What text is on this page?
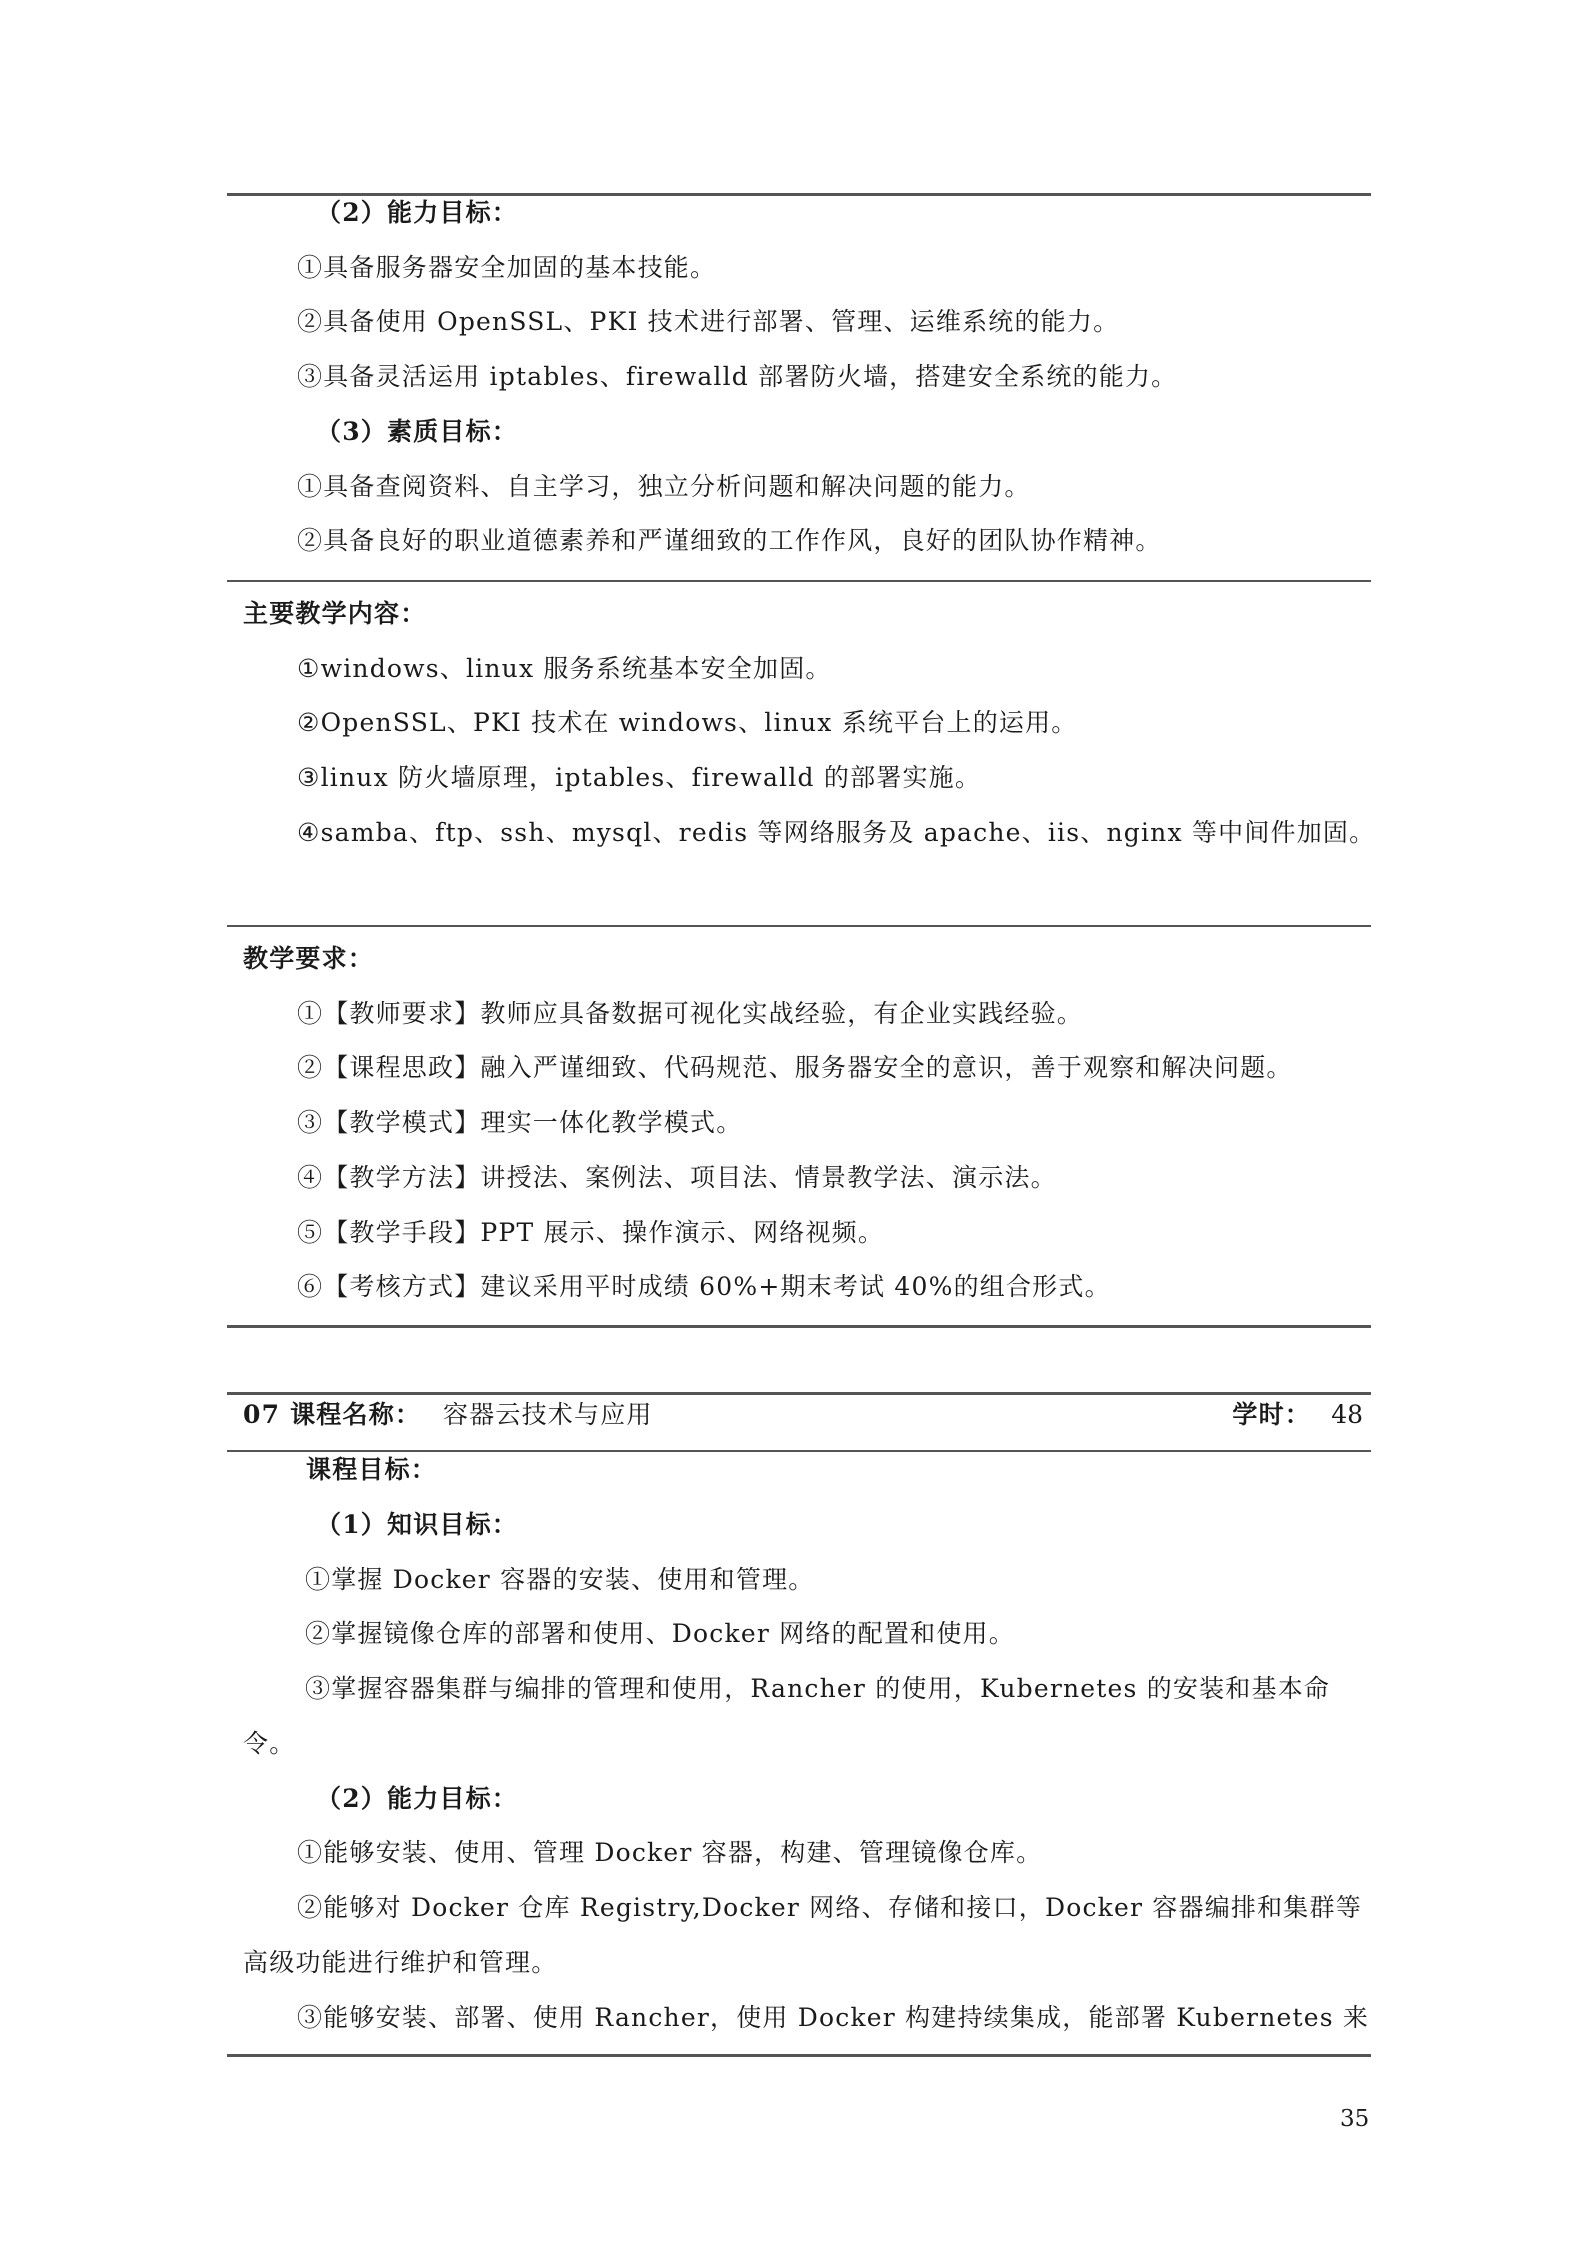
（2）能力目标：
①具备服务器安全加固的基本技能。
②具备使用 OpenSSL、PKI 技术进行部署、管理、运维系统的能力。
③具备灵活运用 iptables、firewalld 部署防火墙，搭建安全系统的能力。
（3）素质目标：
①具备查阅资料、自主学习，独立分析问题和解决问题的能力。
②具备良好的职业道德素养和严谨细致的工作作风，良好的团队协作精神。
主要教学内容：
①windows、linux 服务系统基本安全加固。
②OpenSSL、PKI 技术在 windows、linux 系统平台上的运用。
③linux 防火墙原理，iptables、firewalld 的部署实施。
④samba、ftp、ssh、mysql、redis 等网络服务及 apache、iis、nginx 等中间件加固。
教学要求：
①【教师要求】教师应具备数据可视化实战经验，有企业实践经验。
②【课程思政】融入严谨细致、代码规范、服务器安全的意识，善于观察和解决问题。
③【教学模式】理实一体化教学模式。
④【教学方法】讲授法、案例法、项目法、情景教学法、演示法。
⑤【教学手段】PPT 展示、操作演示、网络视频。
⑥【考核方式】建议采用平时成绩 60%+期末考试 40%的组合形式。
07 课程名称： 容器云技术与应用	学时： 48
课程目标：
（1）知识目标：
①掌握 Docker 容器的安装、使用和管理。
②掌握镜像仓库的部署和使用、Docker 网络的配置和使用。
③掌握容器集群与编排的管理和使用，Rancher 的使用，Kubernetes 的安装和基本命
令。
（2）能力目标：
①能够安装、使用、管理 Docker 容器，构建、管理镜像仓库。
②能够对 Docker 仓库 Registry,Docker 网络、存储和接口，Docker 容器编排和集群等
高级功能进行维护和管理。
③能够安装、部署、使用 Rancher，使用 Docker 构建持续集成，能部署 Kubernetes 来
35
